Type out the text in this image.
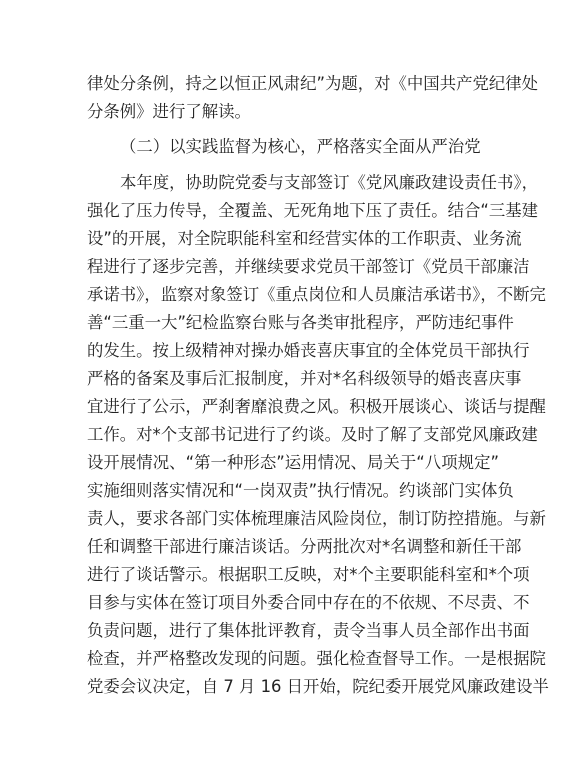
律处分条例，持之以恒正风肃纪”为题，对《中国共产党纪律处

分条例》进行了解读。

（二）以实践监督为核心，严格落实全面从严治党

本年度，协助院党委与支部签订《党风廉政建设责任书》，

强化了压力传导，全覆盖、无死角地下压了责任。结合“三基建

设”的开展，对全院职能科室和经营实体的工作职责、业务流

程进行了逐步完善，并继续要求党员干部签订《党员干部廉洁

承诺书》，监察对象签订《重点岗位和人员廉洁承诺书》，不断完

善“三重一大”纪检监察台账与各类审批程序，严防违纪事件

的发生。按上级精神对操办婚丧喜庆事宜的全体党员干部执行

严格的备案及事后汇报制度，并对*名科级领导的婚丧喜庆事

宜进行了公示，严刹奢靡浪费之风。积极开展谈心、谈话与提醒

工作。对*个支部书记进行了约谈。及时了解了支部党风廉政建

设开展情况、“第一种形态”运用情况、局关于“八项规定”

实施细则落实情况和“一岗双责”执行情况。约谈部门实体负

责人，要求各部门实体梳理廉洁风险岗位，制订防控措施。与新

任和调整干部进行廉洁谈话。分两批次对*名调整和新任干部

进行了谈话警示。根据职工反映，对*个主要职能科室和*个项

目参与实体在签订项目外委合同中存在的不依规、不尽责、不

负责问题，进行了集体批评教育，责令当事人员全部作出书面

检查，并严格整改发现的问题。强化检查督导工作。一是根据院

党委会议决定，自 7 月 16 日开始，院纪委开展党风廉政建设半
